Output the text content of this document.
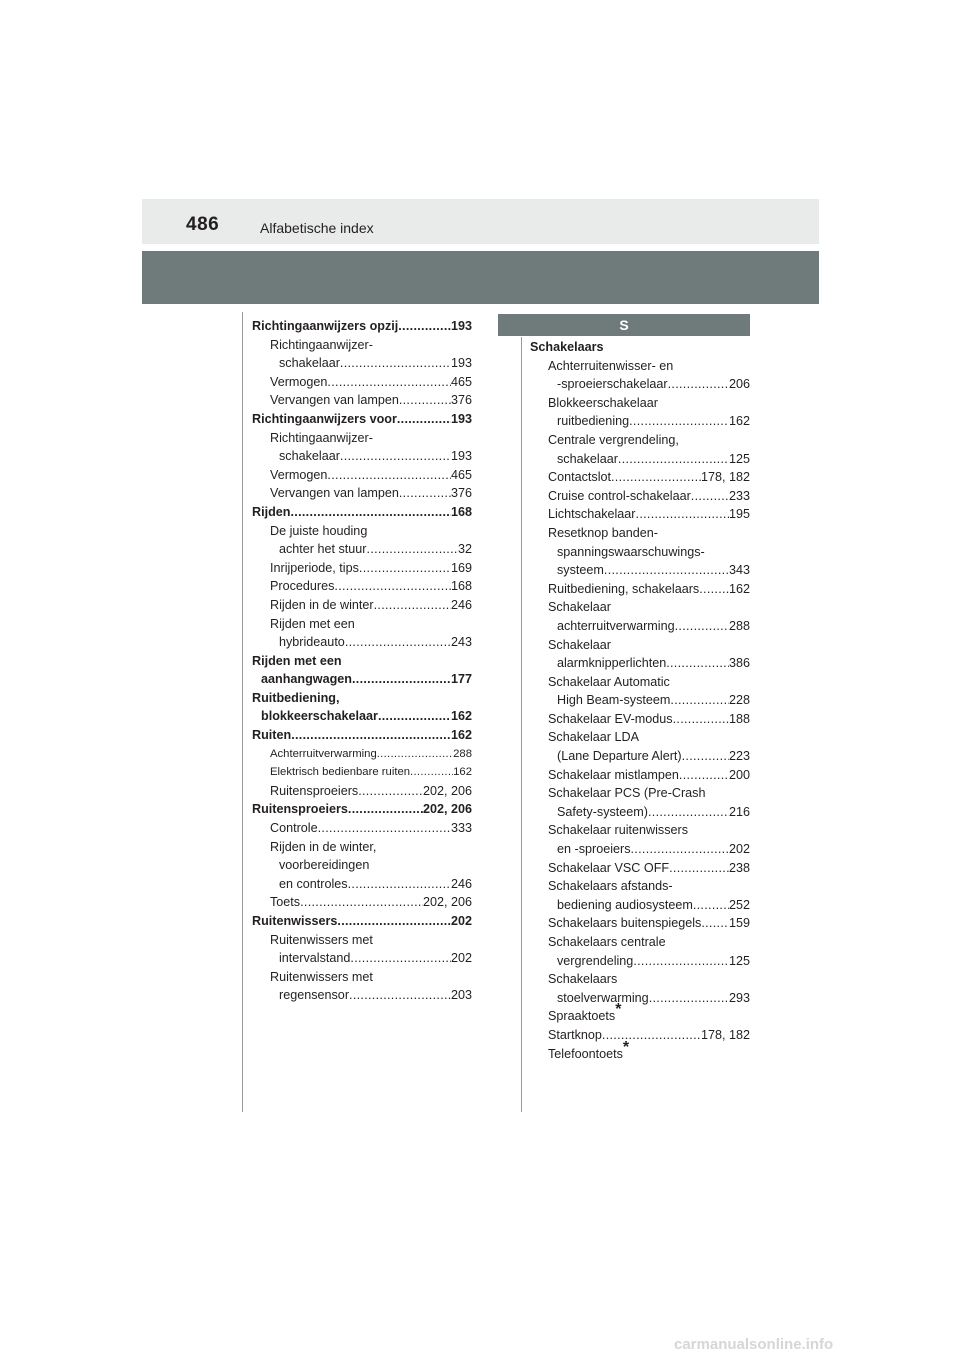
486	Alfabetische index
Richtingaanwijzers opzij .....	193
Richtingaanwijzer-
schakelaar .....	193
Vermogen .....	465
Vervangen van lampen .....	376
Richtingaanwijzers voor .....	193
Richtingaanwijzer-
schakelaar .....	193
Vermogen .....	465
Vervangen van lampen .....	376
Rijden .....	168
De juiste houding
achter het stuur .....	32
Inrijperiode, tips .....	169
Procedures .....	168
Rijden in de winter .....	246
Rijden met een
hybrideauto .....	243
Rijden met een
aanhangwagen .....	177
Ruitbediening,
blokkeerschakelaar .....	162
Ruiten .....	162
Achterruitverwarming .....	288
Elektrisch bedienbare ruiten .....	162
Ruitensproeiers .....	202, 206
Ruitensproeiers .....	202, 206
Controle .....	333
Rijden in de winter,
voorbereidingen
en controles .....	246
Toets .....	202, 206
Ruitenwissers .....	202
Ruitenwissers met
intervalstand .....	202
Ruitenwissers met
regensensor .....	203
S
Schakelaars
Achterruitenwisser- en
-sproeierschakelaar .....	206
Blokkeerschakelaar
ruitbediening .....	162
Centrale vergrendeling,
schakelaar .....	125
Contactslot .....	178, 182
Cruise control-schakelaar .....	233
Lichtschakelaar .....	195
Resetknop banden-
spanningswaarschuwings-
systeem .....	343
Ruitbediening, schakelaars ..... 162
Schakelaar
achterruitverwarming .....	288
Schakelaar
alarmknipperlichten .....	386
Schakelaar Automatic
High Beam-systeem .....	228
Schakelaar EV-modus .....	188
Schakelaar LDA
(Lane Departure Alert) .....	223
Schakelaar mistlampen .....	200
Schakelaar PCS (Pre-Crash
Safety-systeem) .....	216
Schakelaar ruitenwissers
en -sproeiers .....	202
Schakelaar VSC OFF .....	238
Schakelaars afstands-
bediening audiosysteem .....	252
Schakelaars buitenspiegels ..... 159
Schakelaars centrale
vergrendeling .....	125
Schakelaars
stoelverwarming .....	293
Spraaktoets*
Startknop .....	178, 182
Telefoontoets*
carmanualsonline.info
